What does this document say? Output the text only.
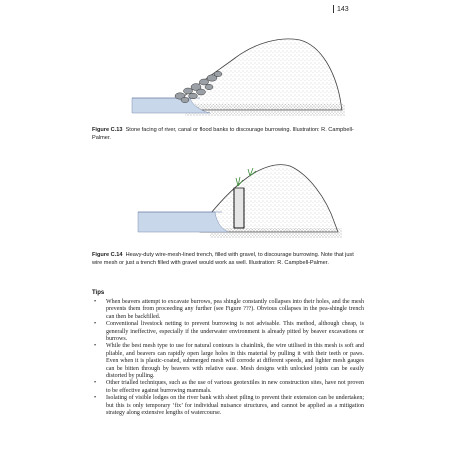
143
Figure C.13 Stone facing of river, canal or flood banks to discourage burrowing. Illustration: R. Campbell-Palmer.
Figure C.14 Heavy-duty wire-mesh-lined trench, filled with gravel, to discourage burrowing. Note that just wire mesh or just a trench filled with gravel would work as well. Illustration: R. Campbell-Palmer.
Tips
• When beavers attempt to excavate burrows, pea shingle constantly collapses into their holes, and the mesh prevents them from proceeding any further (see Figure ???). Obvious collapses in the pea-shingle trench can then be backfilled.
• Conventional livestock netting to prevent burrowing is not advisable. This method, although cheap, is generally ineffective, especially if the underwater environment is already pitted by beaver excavations or burrows.
• While the best mesh type to use for natural contours is chainlink, the wire utilised in this mesh is soft and pliable, and beavers can rapidly open large holes in this material by pulling it with their teeth or paws. Even when it is plastic-coated, submerged mesh will corrode at different speeds, and lighter mesh gauges can be bitten through by beavers with relative ease. Mesh designs with unlocked joints can be easily distorted by pulling.
• Other trialled techniques, such as the use of various geotextiles in new construction sites, have not proven to be effective against burrowing mammals.
• Isolating of visible lodges on the river bank with sheet piling to prevent their extension can be undertaken; but this is only temporary ‘fix’ for individual nuisance structures, and cannot be applied as a mitigation strategy along extensive lengths of watercourse.
